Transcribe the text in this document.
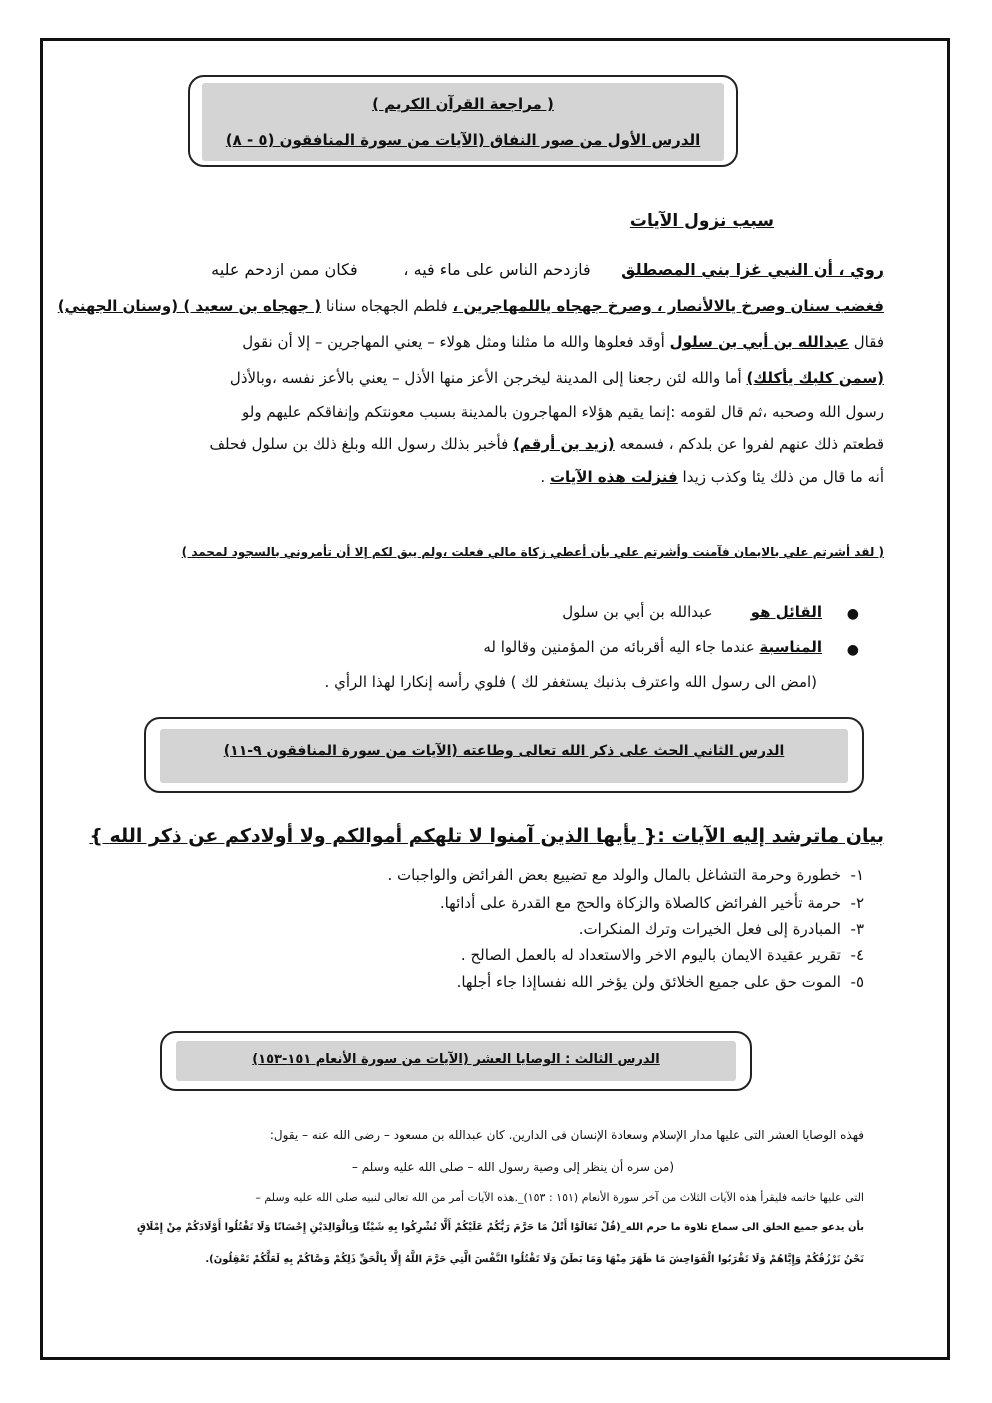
( مراجعة القرآن الكريم )
الدرس الأول من صور النفاق (الآيات من سورة المنافقون (٥ - ٨)
سبب نزول الآيات
روي ، أن النبي غزا بني المصطلق      فازدحم الناس على ماء فيه ،         فكان ممن ازدحم عليه
فغضب سنان وصرخ يالالأنصار ، وصرخ جهجاه ياللمهاجرين ، فلطم الجهجاه سنانا ( جهجاه بن سعيد ) (وسنان الجهني)
فقال عبدالله بن أبي بن سلول أوقد فعلوها والله ما مثلنا ومثل هولاء – يعني المهاجرين – إلا أن نقول
(سمن كلبك يأكلك) أما والله لئن رجعنا إلى المدينة ليخرجن الأعز منها الأذل – يعني بالأعز نفسه ،وبالأذل
رسول الله وصحبه ،ثم قال لقومه :إنما يقيم هؤلاء المهاجرون بالمدينة بسبب معونتكم وإنفاقكم عليهم ولو
قطعتم ذلك عنهم لفروا عن بلدكم ، فسمعه (زيد بن أرقم) فأخبر بذلك رسول الله وبلغ ذلك بن سلول فحلف
أنه ما قال من ذلك يئا وكذب زيدا فنزلت هذه الآيات .
( لقد أشرتم علي بالايمان فآمنت وأشرتم علي بأن أعطي زكاة مالي فعلت ،ولم يبق لكم إلا أن تأمروني بالسجود لمحمد )
●
القائل هو        عبدالله بن أبي بن سلول
●
المناسبة عندما جاء اليه أقربائه من المؤمنين وقالوا له
(امض الى رسول الله واعترف بذنبك يستغفر لك ) فلوي رأسه إنكارا لهذا الرأي .
الدرس الثاني الحث على ذكر الله تعالى وطاعته (الآيات من سورة المنافقون ٩-١١)
بيان ماترشد إليه الآيات :{ يأيها الذين آمنوا لا تلهكم أموالكم ولا أولادكم عن ذكر الله }
١-  خطورة وحرمة التشاغل بالمال والولد مع تضييع بعض الفرائض والواجبات .
٢-  حرمة تأخير الفرائض كالصلاة والزكاة والحج مع القدرة على أدائها.
٣-  المبادرة إلى فعل الخيرات وترك المنكرات.
٤-  تقرير عقيدة الايمان باليوم الاخر والاستعداد له بالعمل الصالح .
٥-  الموت حق على جميع الخلائق ولن يؤخر الله نفساإذا جاء أجلها.
الدرس الثالث : الوصايا العشر (الآيات من سورة الأنعام ١٥١-١٥٣)
فهذه الوصايا العشر التى عليها مدار الإسلام وسعادة الإنسان فى الدارين. كان عبدالله بن مسعود – رضى الله عنه – يقول:
(من سره أن ينظر إلى وصية رسول الله – صلى الله عليه وسلم –
التى عليها خاتمه فليقرأ هذه الآيات الثلاث من آخر سورة الأنعام (١٥١ : ١٥٣)_.هذه الآيات أمر من الله تعالى لنبيه صلى الله عليه وسلم –
بأن يدعو جميع الخلق الى سماع تلاوة ما حرم الله_(قُلْ تَعَالَوْا أَتْلُ مَا حَرَّمَ رَبُّكُمْ عَلَيْكُمْ أَلَّا تُشْرِكُوا بِهِ شَيْئًا وَبِالْوَالِدَيْنِ إِحْسَانًا وَلَا تَقْتُلُوا أَوْلَادَكُمْ مِنْ إِمْلَاقٍ
نَحْنُ نَرْزُقُكُمْ وَإِيَّاهُمْ وَلَا تَقْرَبُوا الْفَوَاحِشَ مَا ظَهَرَ مِنْهَا وَمَا بَطَنَ وَلَا تَقْتُلُوا النَّفْسَ الَّتِي حَرَّمَ اللَّهُ إِلَّا بِالْحَقِّ ذَلِكُمْ وَصَّاكُمْ بِهِ لَعَلَّكُمْ تَعْقِلُونَ).
